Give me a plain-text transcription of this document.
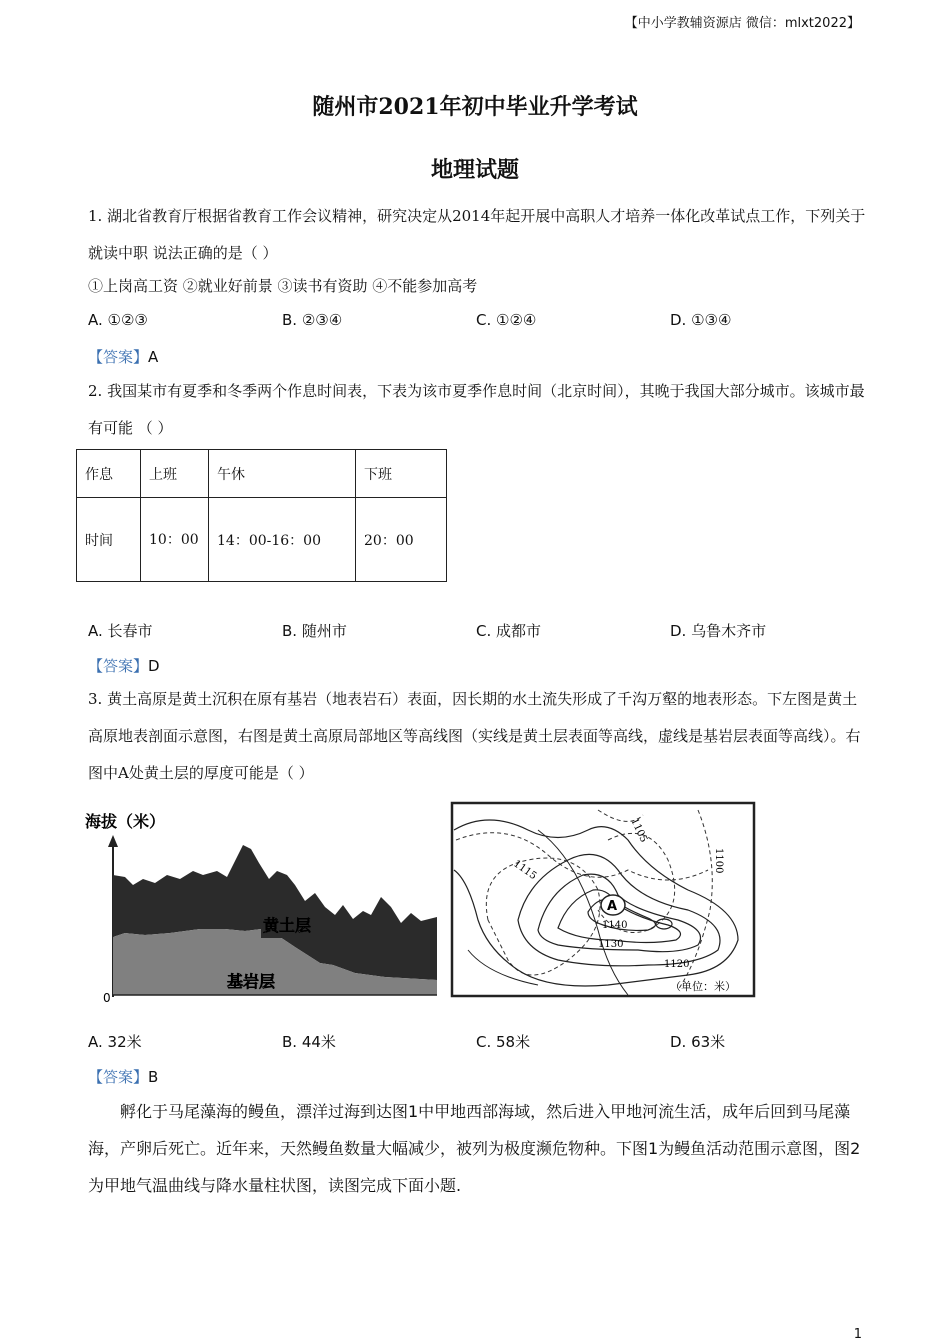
【中小学教辅资源店 微信：mlxt2022】
随州市2021年初中毕业升学考试
地理试题
1. 湖北省教育厅根据省教育工作会议精神，研究决定从2014年起开展中高职人才培养一体化改革试点工作，下列关于就读中职 说法正确的是（ ）
①上岗高工资 ②就业好前景 ③读书有资助 ④不能参加高考
A. ①②③	B. ②③④	C. ①②④	D. ①③④
【答案】A
2. 我国某市有夏季和冬季两个作息时间表，下表为该市夏季作息时间（北京时间），其晚于我国大部分城市。该城市最有可能 （ ）
作息	上班	午休	下班
时间	10：00	14：00-16：00	20：00
A. 长春市	B. 随州市	C. 成都市	D. 乌鲁木齐市
【答案】D
3. 黄土高原是黄土沉积在原有基岩（地表岩石）表面，因长期的水土流失形成了千沟万壑的地表形态。下左图是黄土高原地表剖面示意图，右图是黄土高原局部地区等高线图（实线是黄土层表面等高线，虚线是基岩层表面等高线）。右图中A处黄土层的厚度可能是（ ）
海拔（米）
0
黄土层
基岩层
A
1105
1100
1115
1140
1130
1120
（单位：米）
A. 32米	B. 44米	C. 58米	D. 63米
【答案】B
孵化于马尾藻海的鳗鱼，漂洋过海到达图1中甲地西部海域，然后进入甲地河流生活，成年后回到马尾藻海，产卵后死亡。近年来，天然鳗鱼数量大幅减少，被列为极度濒危物种。下图1为鳗鱼活动范围示意图，图2为甲地气温曲线与降水量柱状图，读图完成下面小题.
1
